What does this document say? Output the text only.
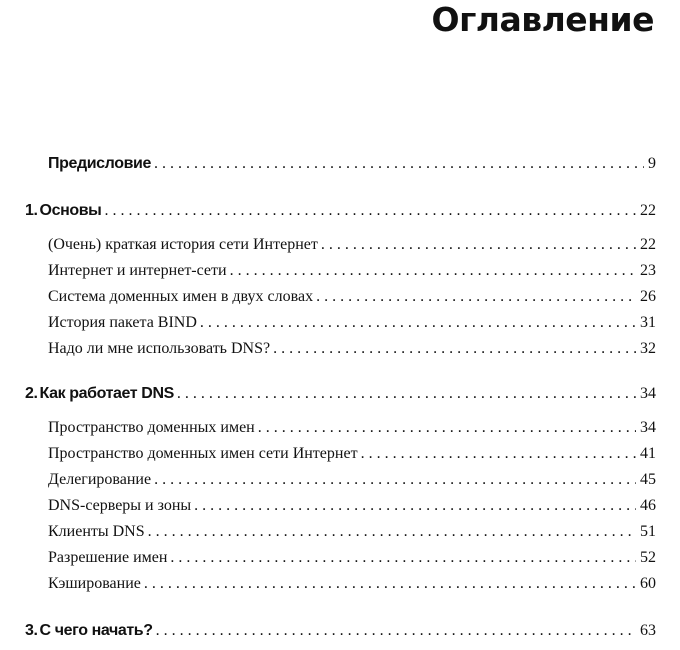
Оглавление
Предисловие . . .	9
1. Основы . . .	22
(Очень) краткая история сети Интернет . . .	22
Интернет и интернет-сети . . .	23
Система доменных имен в двух словах . . .	26
История пакета BIND . . .	31
Надо ли мне использовать DNS? . . .	32
2. Как работает DNS . . .	34
Пространство доменных имен . . .	34
Пространство доменных имен сети Интернет . . .	41
Делегирование . . .	45
DNS-серверы и зоны . . .	46
Клиенты DNS . . .	51
Разрешение имен . . .	52
Кэширование . . .	60
3. С чего начать? . . .	63
